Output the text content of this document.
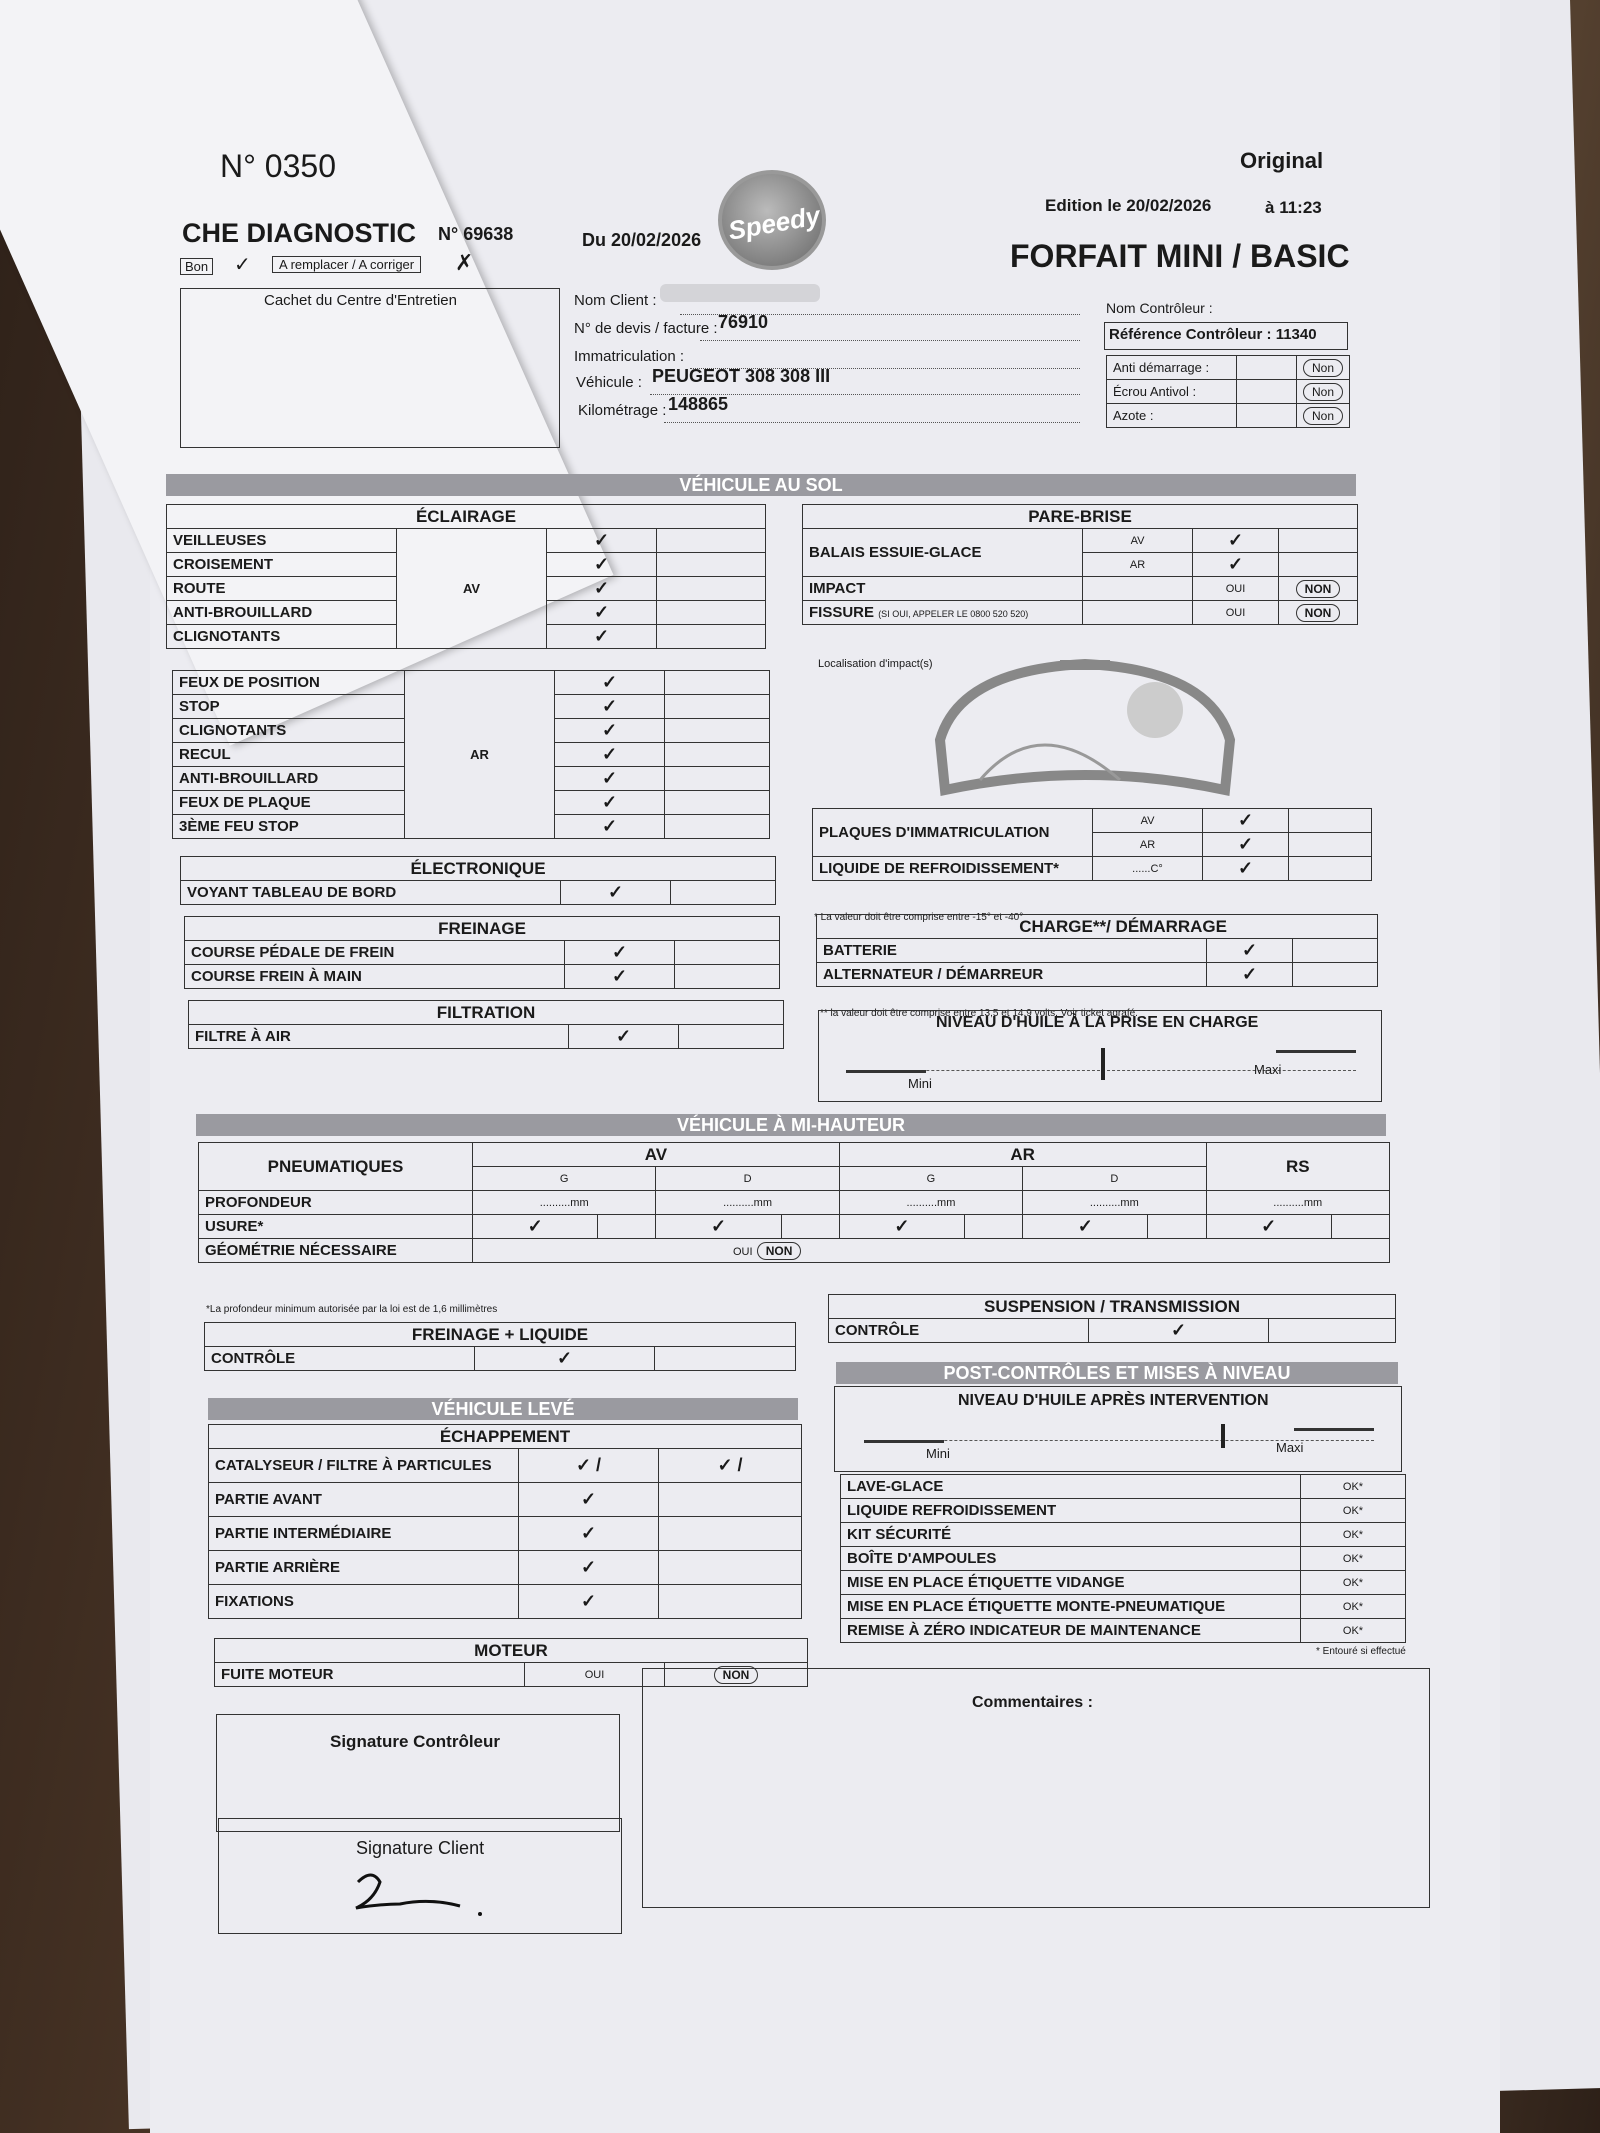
N° 0350	Original
CHE DIAGNOSTIC N° 69638	Du 20/02/2026 Speedy	Edition le 20/02/2026	à 11:23
FORFAIT MINI / BASIC
Bon ✓	A remplacer / A corriger	✗
Cachet du Centre d'Entretien	Nom Client :
N° de devis / facture : 76910
Immatriculation :
Véhicule : PEUGEOT 308 308 III
Kilométrage : 148865
Nom Contrôleur :
Référence Contrôleur : 11340
Anti démarrage :		Non
Écrou Antivol :		Non
Azote :		Non
VÉHICULE AU SOL
ÉCLAIRAGE			
VEILLEUSES	AV	✓	
CROISEMENT		✓	
ROUTE		✓	
ANTI-BROUILLARD		✓	
CLIGNOTANTS		✓	
FEUX DE POSITION	AR	✓	
STOP		✓	
CLIGNOTANTS		✓	
RECUL		✓	
ANTI-BROUILLARD		✓	
FEUX DE PLAQUE		✓	
3ÈME FEU STOP		✓	
ÉLECTRONIQUE
VOYANT TABLEAU DE BORD	✓	
FREINAGE		
COURSE PÉDALE DE FREIN	✓	
COURSE FREIN À MAIN	✓	
FILTRATION
FILTRE À AIR	✓	
PARE-BRISE			
BALAIS ESSUIE-GLACE	AV	✓	
	AR	✓	
IMPACT		OUI	NON
FISSURE (SI OUI, APPELER LE 0800 520 520)		OUI	NON
Localisation d'impact(s)
PLAQUES D'IMMATRICULATION	AV	✓	
	AR	✓	
LIQUIDE DE REFROIDISSEMENT*	......C°	✓	
* La valeur doit être comprise entre -15° et -40°
CHARGE**/ DÉMARRAGE		
BATTERIE	✓	
ALTERNATEUR / DÉMARREUR	✓	
** la valeur doit être comprise entre 13,5 et 14,9 volts. Voir ticket agrafé.
NIVEAU D'HUILE À LA PRISE EN CHARGE
Mini
Maxi
VÉHICULE À MI-HAUTEUR
PNEUMATIQUES	AV				AR				RS	
	G		D		G		D			
PROFONDEUR	..........mm		..........mm		..........mm		..........mm		..........mm	
USURE*	✓		✓		✓		✓		✓	
GÉOMÉTRIE NÉCESSAIRE	OUI NON									
*La profondeur minimum autorisée par la loi est de 1,6 millimètres
FREINAGE + LIQUIDE
CONTRÔLE	✓	
SUSPENSION / TRANSMISSION
CONTRÔLE	✓	
VÉHICULE LEVÉ
ÉCHAPPEMENT		
CATALYSEUR / FILTRE À PARTICULES	✓ /	✓ /
PARTIE AVANT	✓	
PARTIE INTERMÉDIAIRE	✓	
PARTIE ARRIÈRE	✓	
FIXATIONS	✓	
MOTEUR
FUITE MOTEUR	OUI	NON
POST-CONTRÔLES ET MISES À NIVEAU
NIVEAU D'HUILE APRÈS INTERVENTION
Mini	Maxi
LAVE-GLACE	OK*
LIQUIDE REFROIDISSEMENT	OK*
KIT SÉCURITÉ	OK*
BOÎTE D'AMPOULES	OK*
MISE EN PLACE ÉTIQUETTE VIDANGE	OK*
MISE EN PLACE ÉTIQUETTE MONTE-PNEUMATIQUE	OK*
REMISE À ZÉRO INDICATEUR DE MAINTENANCE	OK*
* Entouré si effectué
Signature Contrôleur
Signature Client
Commentaires :
